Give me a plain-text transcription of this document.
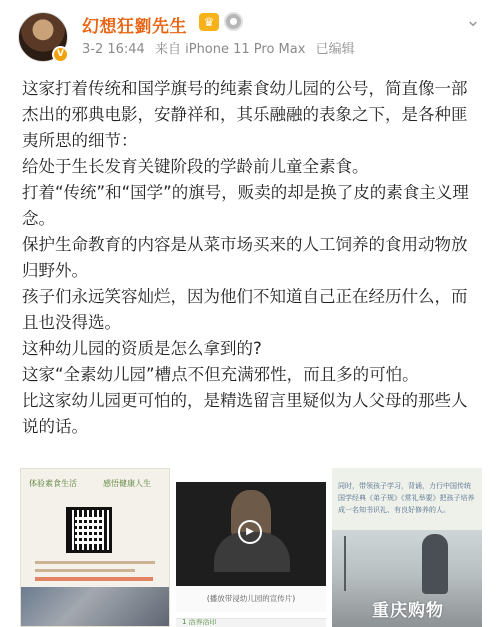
V
幻想狂劉先生	♛
3-2 16:44 来自 iPhone 11 Pro Max 已编辑
⌄

这家打着传统和国学旗号的纯素食幼儿园的公号，简直像一部杰出的邪典电影，安静祥和，其乐融融的表象之下，是各种匪夷所思的细节：

给处于生长发育关键阶段的学龄前儿童全素食。

打着“传统”和“国学”的旗号，贩卖的却是换了皮的素食主义理念。

保护生命教育的内容是从菜市场买来的人工饲养的食用动物放归野外。

孩子们永远笑容灿烂，因为他们不知道自己正在经历什么，而且也没得选。

这种幼儿园的资质是怎么拿到的?

这家“全素幼儿园”槽点不但充满邪性，而且多的可怕。

比这家幼儿园更可怕的，是精选留言里疑似为人父母的那些人说的话。

体验素食生活	感悟健康人生
▶
(播放带浸幼儿园的宣传片)
1 活养活印
同时，带领孩子学习，背诵，力行中国传统国学经典《弟子规》《常礼举要》把孩子培养成一名知书识礼、有良好修养的人。
重庆购物
